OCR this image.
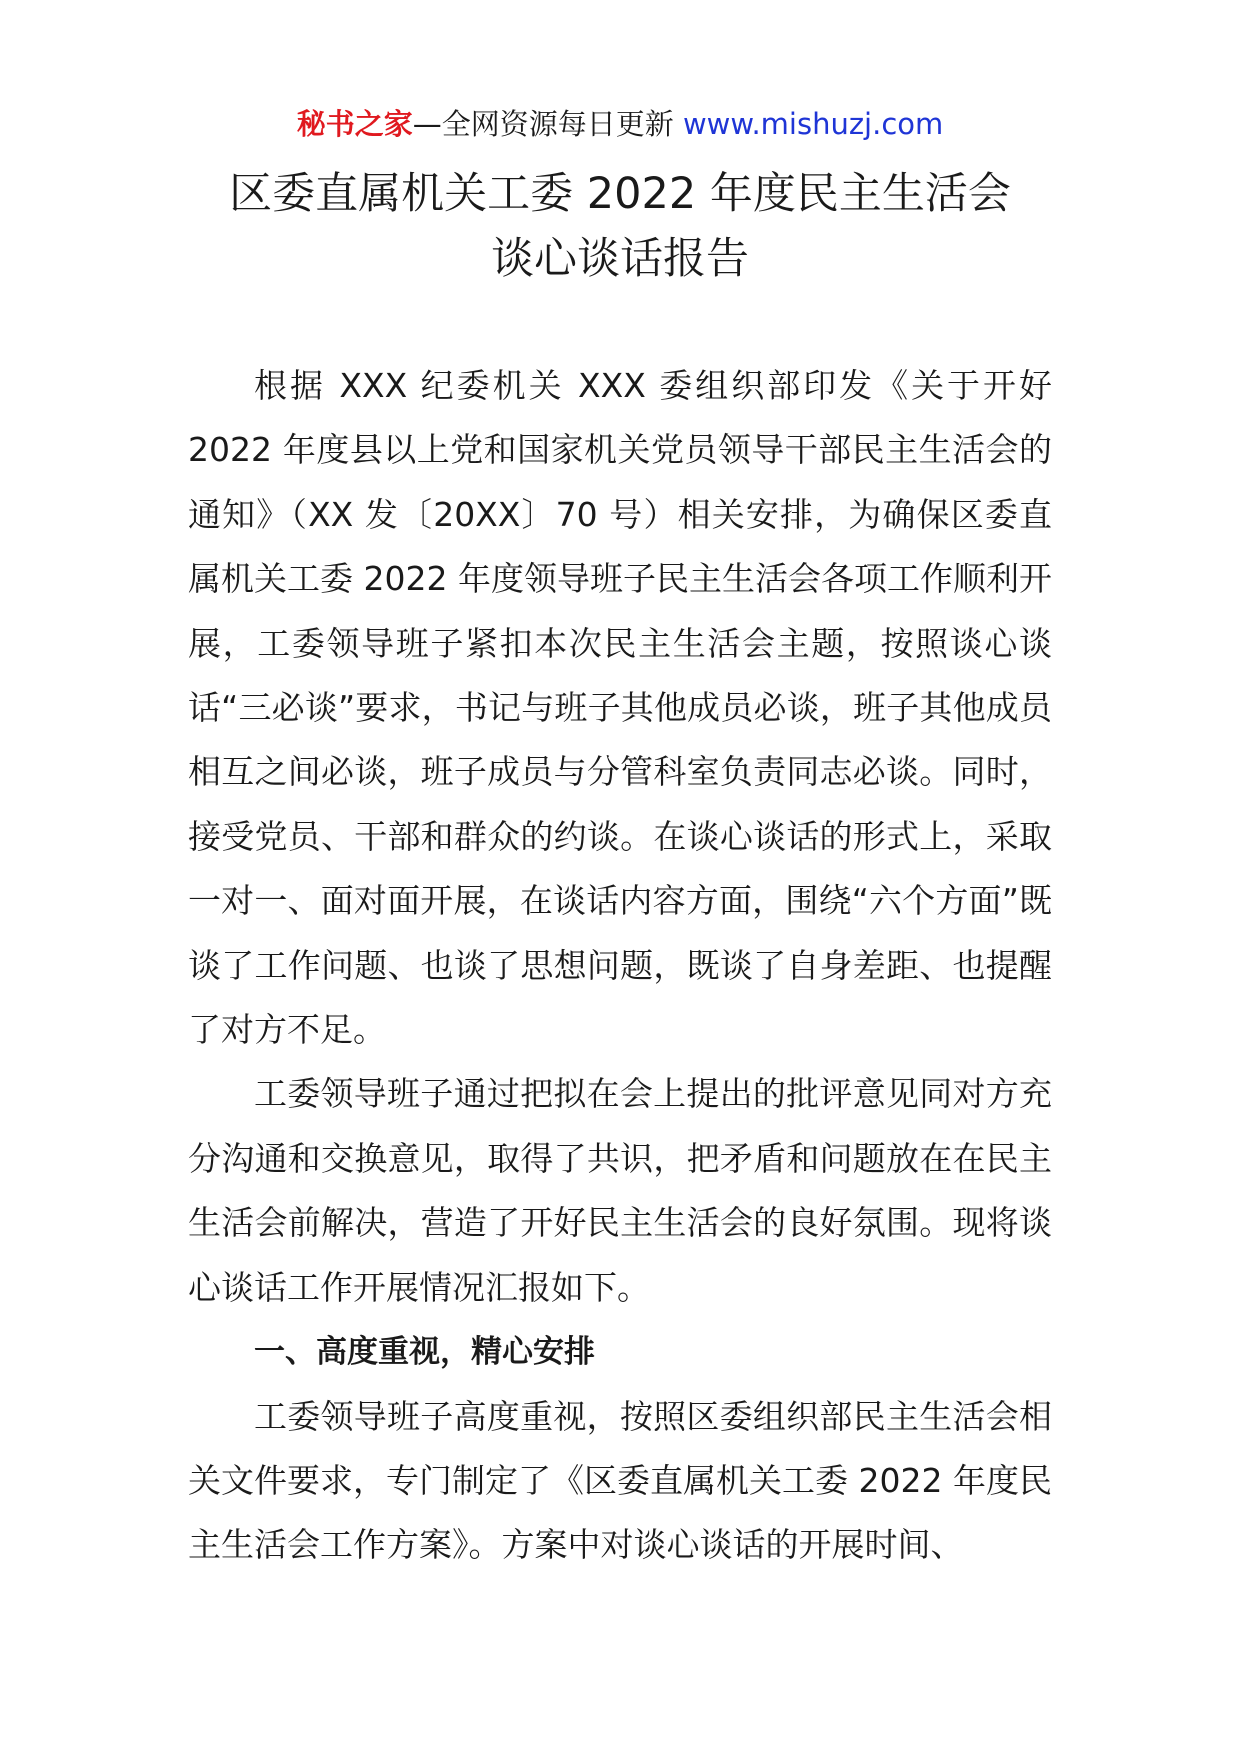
秘书之家—全网资源每日更新 www.mishuzj.com
区委直属机关工委 2022 年度民主生活会
谈心谈话报告

根据 XXX 纪委机关 XXX 委组织部印发《关于开好 2022 年度县以上党和国家机关党员领导干部民主生活会的通知》（XX 发〔20XX〕70 号）相关安排，为确保区委直属机关工委 2022 年度领导班子民主生活会各项工作顺利开展，工委领导班子紧扣本次民主生活会主题，按照谈心谈话“三必谈”要求，书记与班子其他成员必谈，班子其他成员相互之间必谈，班子成员与分管科室负责同志必谈。同时，接受党员、干部和群众的约谈。在谈心谈话的形式上，采取一对一、面对面开展，在谈话内容方面，围绕“六个方面”既谈了工作问题、也谈了思想问题，既谈了自身差距、也提醒了对方不足。

工委领导班子通过把拟在会上提出的批评意见同对方充分沟通和交换意见，取得了共识，把矛盾和问题放在在民主生活会前解决，营造了开好民主生活会的良好氛围。现将谈心谈话工作开展情况汇报如下。

一、高度重视，精心安排

工委领导班子高度重视，按照区委组织部民主生活会相关文件要求，专门制定了《区委直属机关工委 2022 年度民主生活会工作方案》。方案中对谈心谈话的开展时间、
